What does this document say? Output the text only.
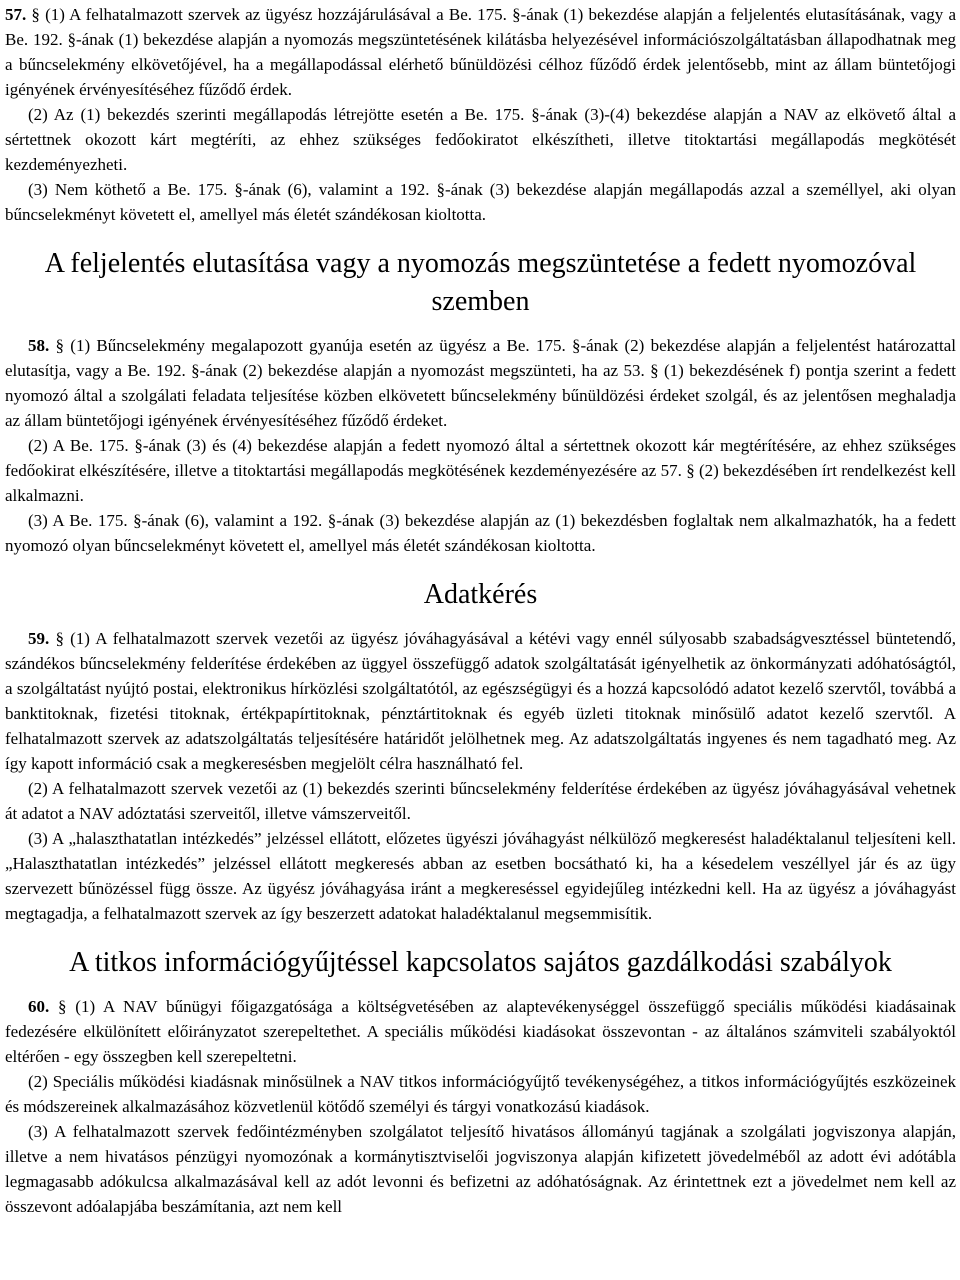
57. § (1) A felhatalmazott szervek az ügyész hozzájárulásával a Be. 175. §-ának (1) bekezdése alapján a feljelentés elutasításának, vagy a Be. 192. §-ának (1) bekezdése alapján a nyomozás megszüntetésének kilátásba helyezésével információszolgáltatásban állapodhatnak meg a bűncselekmény elkövetőjével, ha a megállapodással elérhető bűnüldözési célhoz fűződő érdek jelentősebb, mint az állam büntetőjogi igényének érvényesítéséhez fűződő érdek.

(2) Az (1) bekezdés szerinti megállapodás létrejötte esetén a Be. 175. §-ának (3)-(4) bekezdése alapján a NAV az elkövető által a sértettnek okozott kárt megtéríti, az ehhez szükséges fedőokiratot elkészítheti, illetve titoktartási megállapodás megkötését kezdeményezheti.

(3) Nem köthető a Be. 175. §-ának (6), valamint a 192. §-ának (3) bekezdése alapján megállapodás azzal a személlyel, aki olyan bűncselekményt követett el, amellyel más életét szándékosan kioltotta.

A feljelentés elutasítása vagy a nyomozás megszüntetése a fedett nyomozóval szemben

58. § (1) Bűncselekmény megalapozott gyanúja esetén az ügyész a Be. 175. §-ának (2) bekezdése alapján a feljelentést határozattal elutasítja, vagy a Be. 192. §-ának (2) bekezdése alapján a nyomozást megszünteti, ha az 53. § (1) bekezdésének f) pontja szerint a fedett nyomozó által a szolgálati feladata teljesítése közben elkövetett bűncselekmény bűnüldözési érdeket szolgál, és az jelentősen meghaladja az állam büntetőjogi igényének érvényesítéséhez fűződő érdeket.

(2) A Be. 175. §-ának (3) és (4) bekezdése alapján a fedett nyomozó által a sértettnek okozott kár megtérítésére, az ehhez szükséges fedőokirat elkészítésére, illetve a titoktartási megállapodás megkötésének kezdeményezésére az 57. § (2) bekezdésében írt rendelkezést kell alkalmazni.

(3) A Be. 175. §-ának (6), valamint a 192. §-ának (3) bekezdése alapján az (1) bekezdésben foglaltak nem alkalmazhatók, ha a fedett nyomozó olyan bűncselekményt követett el, amellyel más életét szándékosan kioltotta.

Adatkérés

59. § (1) A felhatalmazott szervek vezetői az ügyész jóváhagyásával a kétévi vagy ennél súlyosabb szabadságvesztéssel büntetendő, szándékos bűncselekmény felderítése érdekében az üggyel összefüggő adatok szolgáltatását igényelhetik az önkormányzati adóhatóságtól, a szolgáltatást nyújtó postai, elektronikus hírközlési szolgáltatótól, az egészségügyi és a hozzá kapcsolódó adatot kezelő szervtől, továbbá a banktitoknak, fizetési titoknak, értékpapírtitoknak, pénztártitoknak és egyéb üzleti titoknak minősülő adatot kezelő szervtől. A felhatalmazott szervek az adatszolgáltatás teljesítésére határidőt jelölhetnek meg. Az adatszolgáltatás ingyenes és nem tagadható meg. Az így kapott információ csak a megkeresésben megjelölt célra használható fel.

(2) A felhatalmazott szervek vezetői az (1) bekezdés szerinti bűncselekmény felderítése érdekében az ügyész jóváhagyásával vehetnek át adatot a NAV adóztatási szerveitől, illetve vámszerveitől.

(3) A „halaszthatatlan intézkedés” jelzéssel ellátott, előzetes ügyészi jóváhagyást nélkülöző megkeresést haladéktalanul teljesíteni kell. „Halaszthatatlan intézkedés” jelzéssel ellátott megkeresés abban az esetben bocsátható ki, ha a késedelem veszéllyel jár és az ügy szervezett bűnözéssel függ össze. Az ügyész jóváhagyása iránt a megkereséssel egyidejűleg intézkedni kell. Ha az ügyész a jóváhagyást megtagadja, a felhatalmazott szervek az így beszerzett adatokat haladéktalanul megsemmisítik.

A titkos információgyűjtéssel kapcsolatos sajátos gazdálkodási szabályok

60. § (1) A NAV bűnügyi főigazgatósága a költségvetésében az alaptevékenységgel összefüggő speciális működési kiadásainak fedezésére elkülönített előirányzatot szerepeltethet. A speciális működési kiadásokat összevontan - az általános számviteli szabályoktól eltérően - egy összegben kell szerepeltetni.

(2) Speciális működési kiadásnak minősülnek a NAV titkos információgyűjtő tevékenységéhez, a titkos információgyűjtés eszközeinek és módszereinek alkalmazásához közvetlenül kötődő személyi és tárgyi vonatkozású kiadások.

(3) A felhatalmazott szervek fedőintézményben szolgálatot teljesítő hivatásos állományú tagjának a szolgálati jogviszonya alapján, illetve a nem hivatásos pénzügyi nyomozónak a kormánytisztviselői jogviszonya alapján kifizetett jövedelméből az adott évi adótábla legmagasabb adókulcsa alkalmazásával kell az adót levonni és befizetni az adóhatóságnak. Az érintettnek ezt a jövedelmet nem kell az összevont adóalapjába beszámítania, azt nem kell
